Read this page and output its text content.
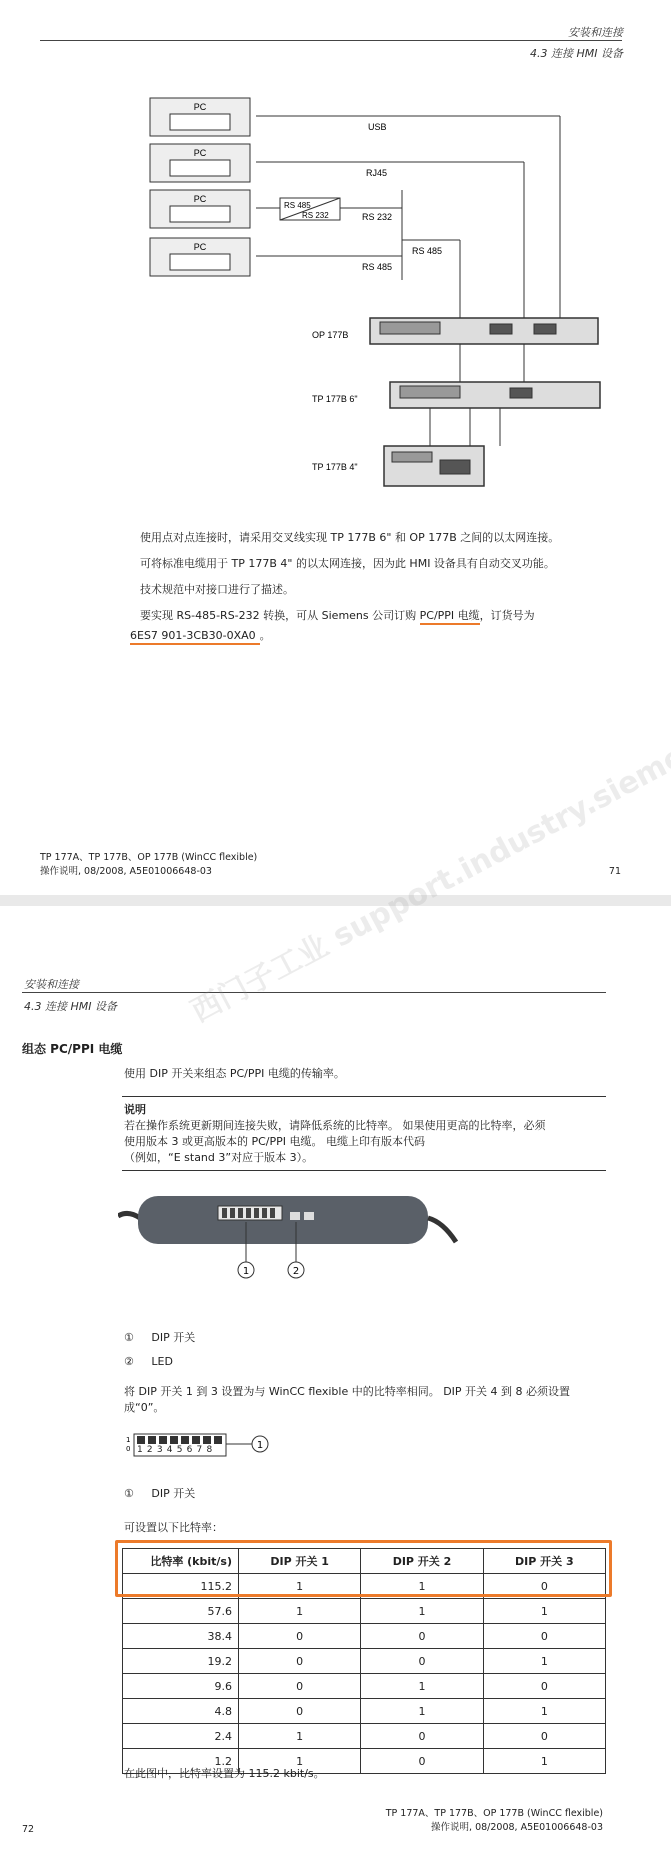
安装和连接
4.3 连接 HMI 设备
PC
PC
PC
PC
USB
RJ45
RS 485
RS 232	RS 232
RS 485
RS 485
OP 177B
TP 177B 6"
TP 177B 4"
使用点对点连接时，请采用交叉线实现 TP 177B 6" 和 OP 177B 之间的以太网连接。
可将标准电缆用于 TP 177B 4" 的以太网连接，因为此 HMI 设备具有自动交叉功能。
技术规范中对接口进行了描述。
要实现 RS-485-RS-232 转换，可从 Siemens 公司订购 PC/PPI 电缆，订货号为
6ES7 901-3CB30-0XA0 。
TP 177A、TP 177B、OP 177B (WinCC flexible)
操作说明, 08/2008, A5E01006648-03	71
安装和连接
4.3 连接 HMI 设备
组态 PC/PPI 电缆
使用 DIP 开关来组态 PC/PPI 电缆的传输率。
说明
若在操作系统更新期间连接失败，请降低系统的比特率。 如果使用更高的比特率，必须
使用版本 3 或更高版本的 PC/PPI 电缆。 电缆上印有版本代码
（例如，“E stand 3”对应于版本 3）。
1	2
① DIP 开关
② LED
将 DIP 开关 1 到 3 设置为与 WinCC flexible 中的比特率相同。 DIP 开关 4 到 8 必须设置
成“0”。
1
0	1
12345678
① DIP 开关
可设置以下比特率：
比特率 (kbit/s)	DIP 开关 1	DIP 开关 2	DIP 开关 3
115.2	1	1	0
57.6	1	1	1
38.4	0	0	0
19.2	0	0	1
9.6	0	1	0
4.8	0	1	1
2.4	1	0	0
1.2	1	0	1
在此图中，比特率设置为 115.2 kbit/s。
72
TP 177A、TP 177B、OP 177B (WinCC flexible)
操作说明, 08/2008, A5E01006648-03
